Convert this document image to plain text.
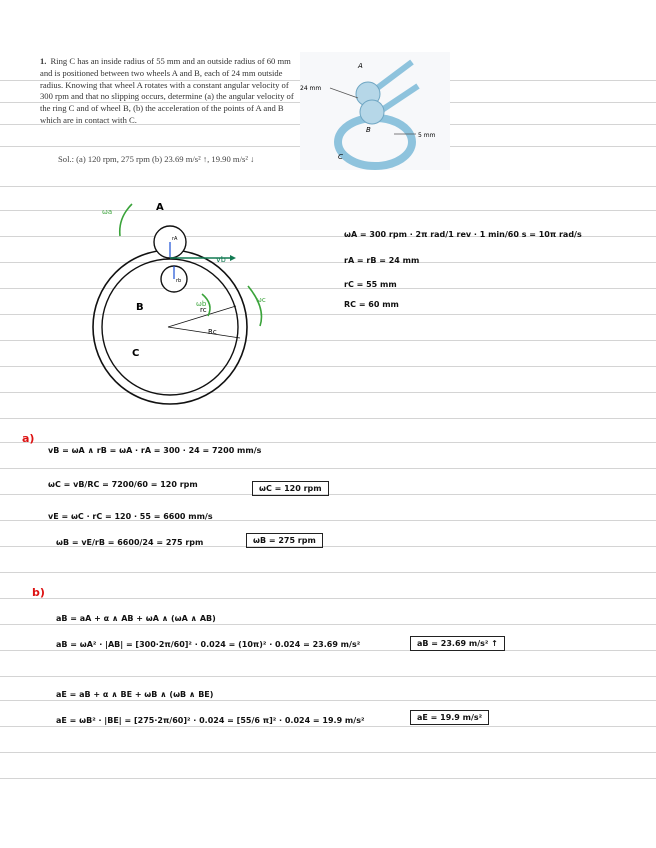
1. Ring C has an inside radius of 55 mm and an outside radius of 60 mm and is positioned between two wheels A and B, each of 24 mm outside radius. Knowing that wheel A rotates with a constant angular velocity of 300 rpm and that no slipping occurs, determine (a) the angular velocity of the ring C and of wheel B, (b) the acceleration of the points of A and B which are in contact with C.
Sol.: (a) 120 rpm, 275 rpm (b) 23.69 m/s² ↑, 19.90 m/s² ↓
A
B
C
24 mm
5 mm
A
B
C
ωa
ωb	ωc
vb
rc
Rc
rA
rb
ωA = 300 rpm · 2π rad/1 rev · 1 min/60 s = 10π rad/s
rA = rB = 24 mm
rC = 55 mm
RC = 60 mm
a)
vB = ωA ∧ rB = ωA · rA = 300 · 24 = 7200 mm/s
ωC = vB/RC = 7200/60 = 120 rpm	ωC = 120 rpm
vE = ωC · rC = 120 · 55 = 6600 mm/s
ωB = vE/rB = 6600/24 = 275 rpm	ωB = 275 rpm
b)
aB = aA + α ∧ AB + ωA ∧ (ωA ∧ AB)
aB = ωA² · |AB| = [300·2π/60]² · 0.024 = (10π)² · 0.024 = 23.69 m/s²	aB = 23.69 m/s² ↑
aE = aB + α ∧ BE + ωB ∧ (ωB ∧ BE)
aE = ωB² · |BE| = [275·2π/60]² · 0.024 = [55/6 π]² · 0.024 = 19.9 m/s²	aE = 19.9 m/s²
